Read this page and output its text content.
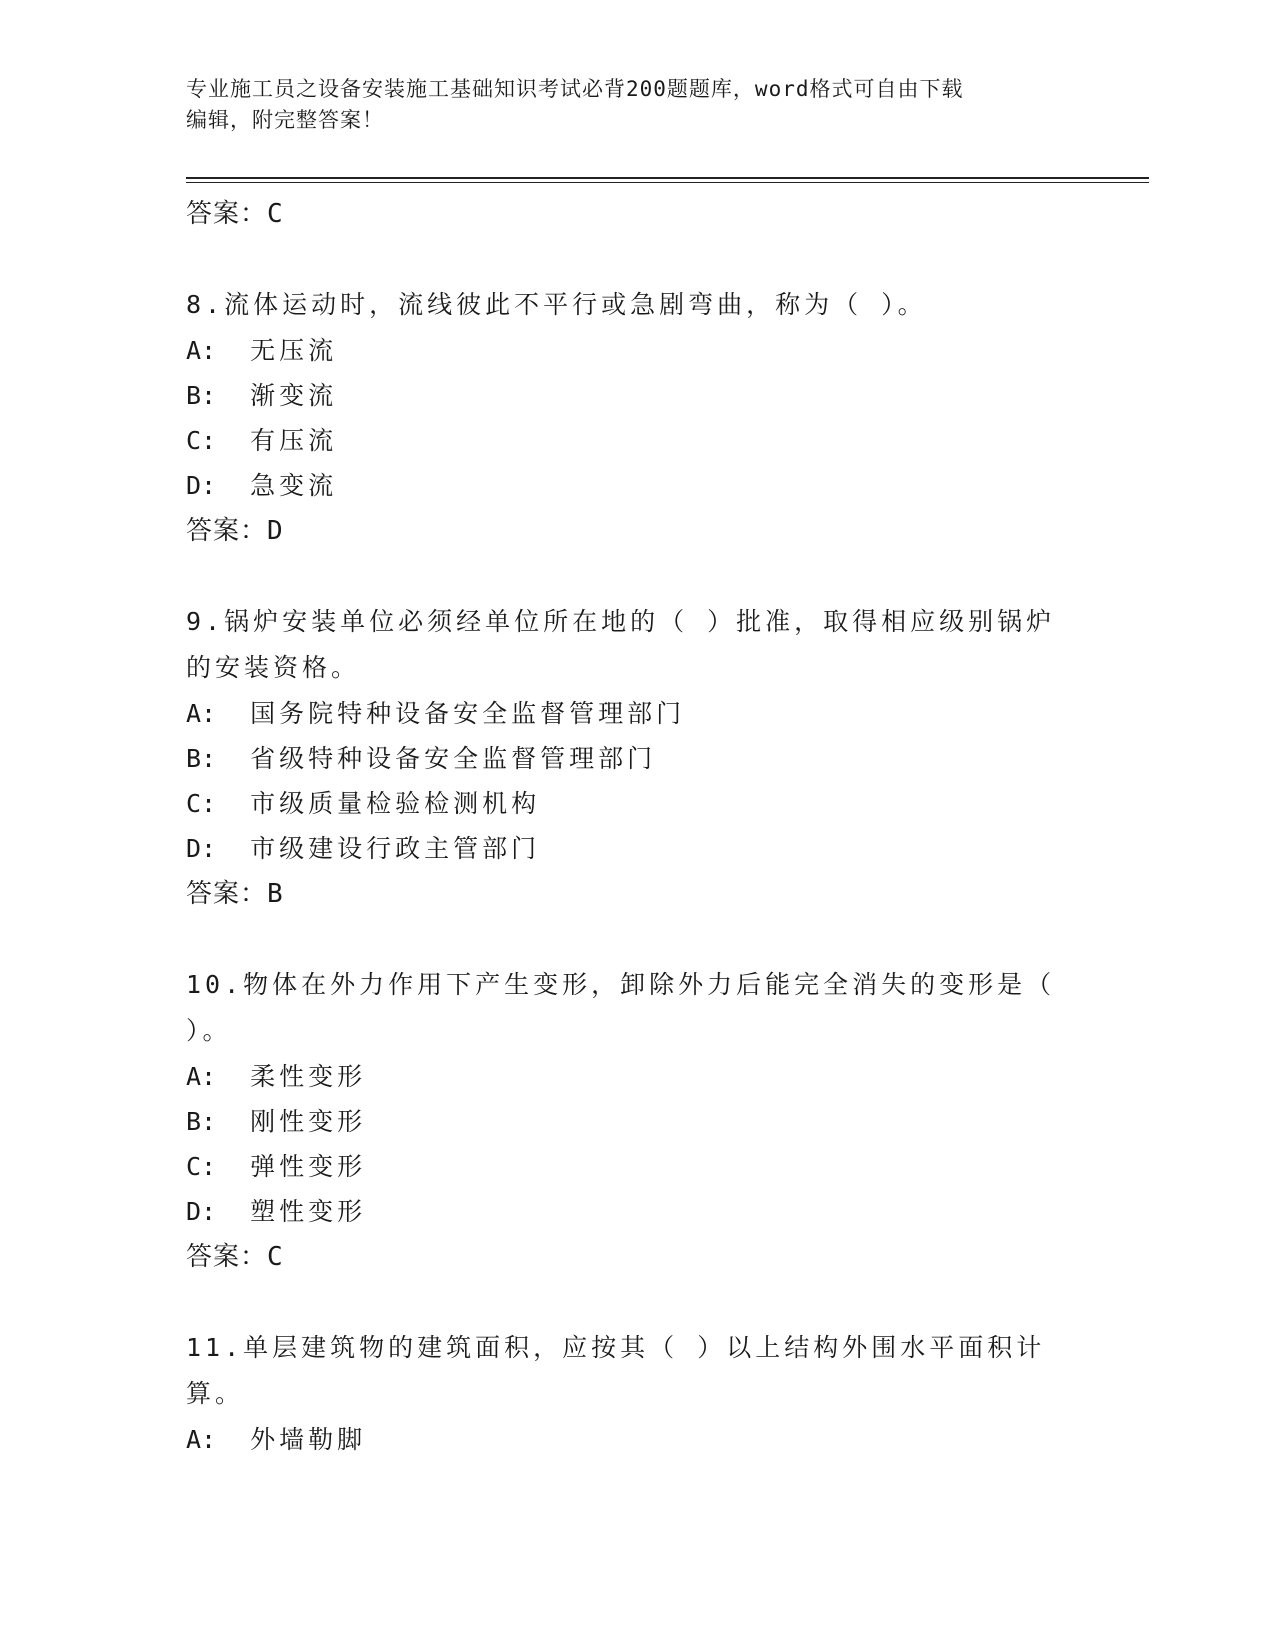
专业施工员之设备安装施工基础知识考试必背200题题库，word格式可自由下载
编辑，附完整答案！
答案：C
8.流体运动时，流线彼此不平行或急剧弯曲，称为（ ）。
A: 无压流
B: 渐变流
C: 有压流
D: 急变流
答案：D
9.锅炉安装单位必须经单位所在地的（ ）批准，取得相应级别锅炉的安装资格。
A: 国务院特种设备安全监督管理部门
B: 省级特种设备安全监督管理部门
C: 市级质量检验检测机构
D: 市级建设行政主管部门
答案：B
10.物体在外力作用下产生变形，卸除外力后能完全消失的变形是（ ）。
A: 柔性变形
B: 刚性变形
C: 弹性变形
D: 塑性变形
答案：C
11.单层建筑物的建筑面积，应按其（ ）以上结构外围水平面积计算。
A: 外墙勒脚
